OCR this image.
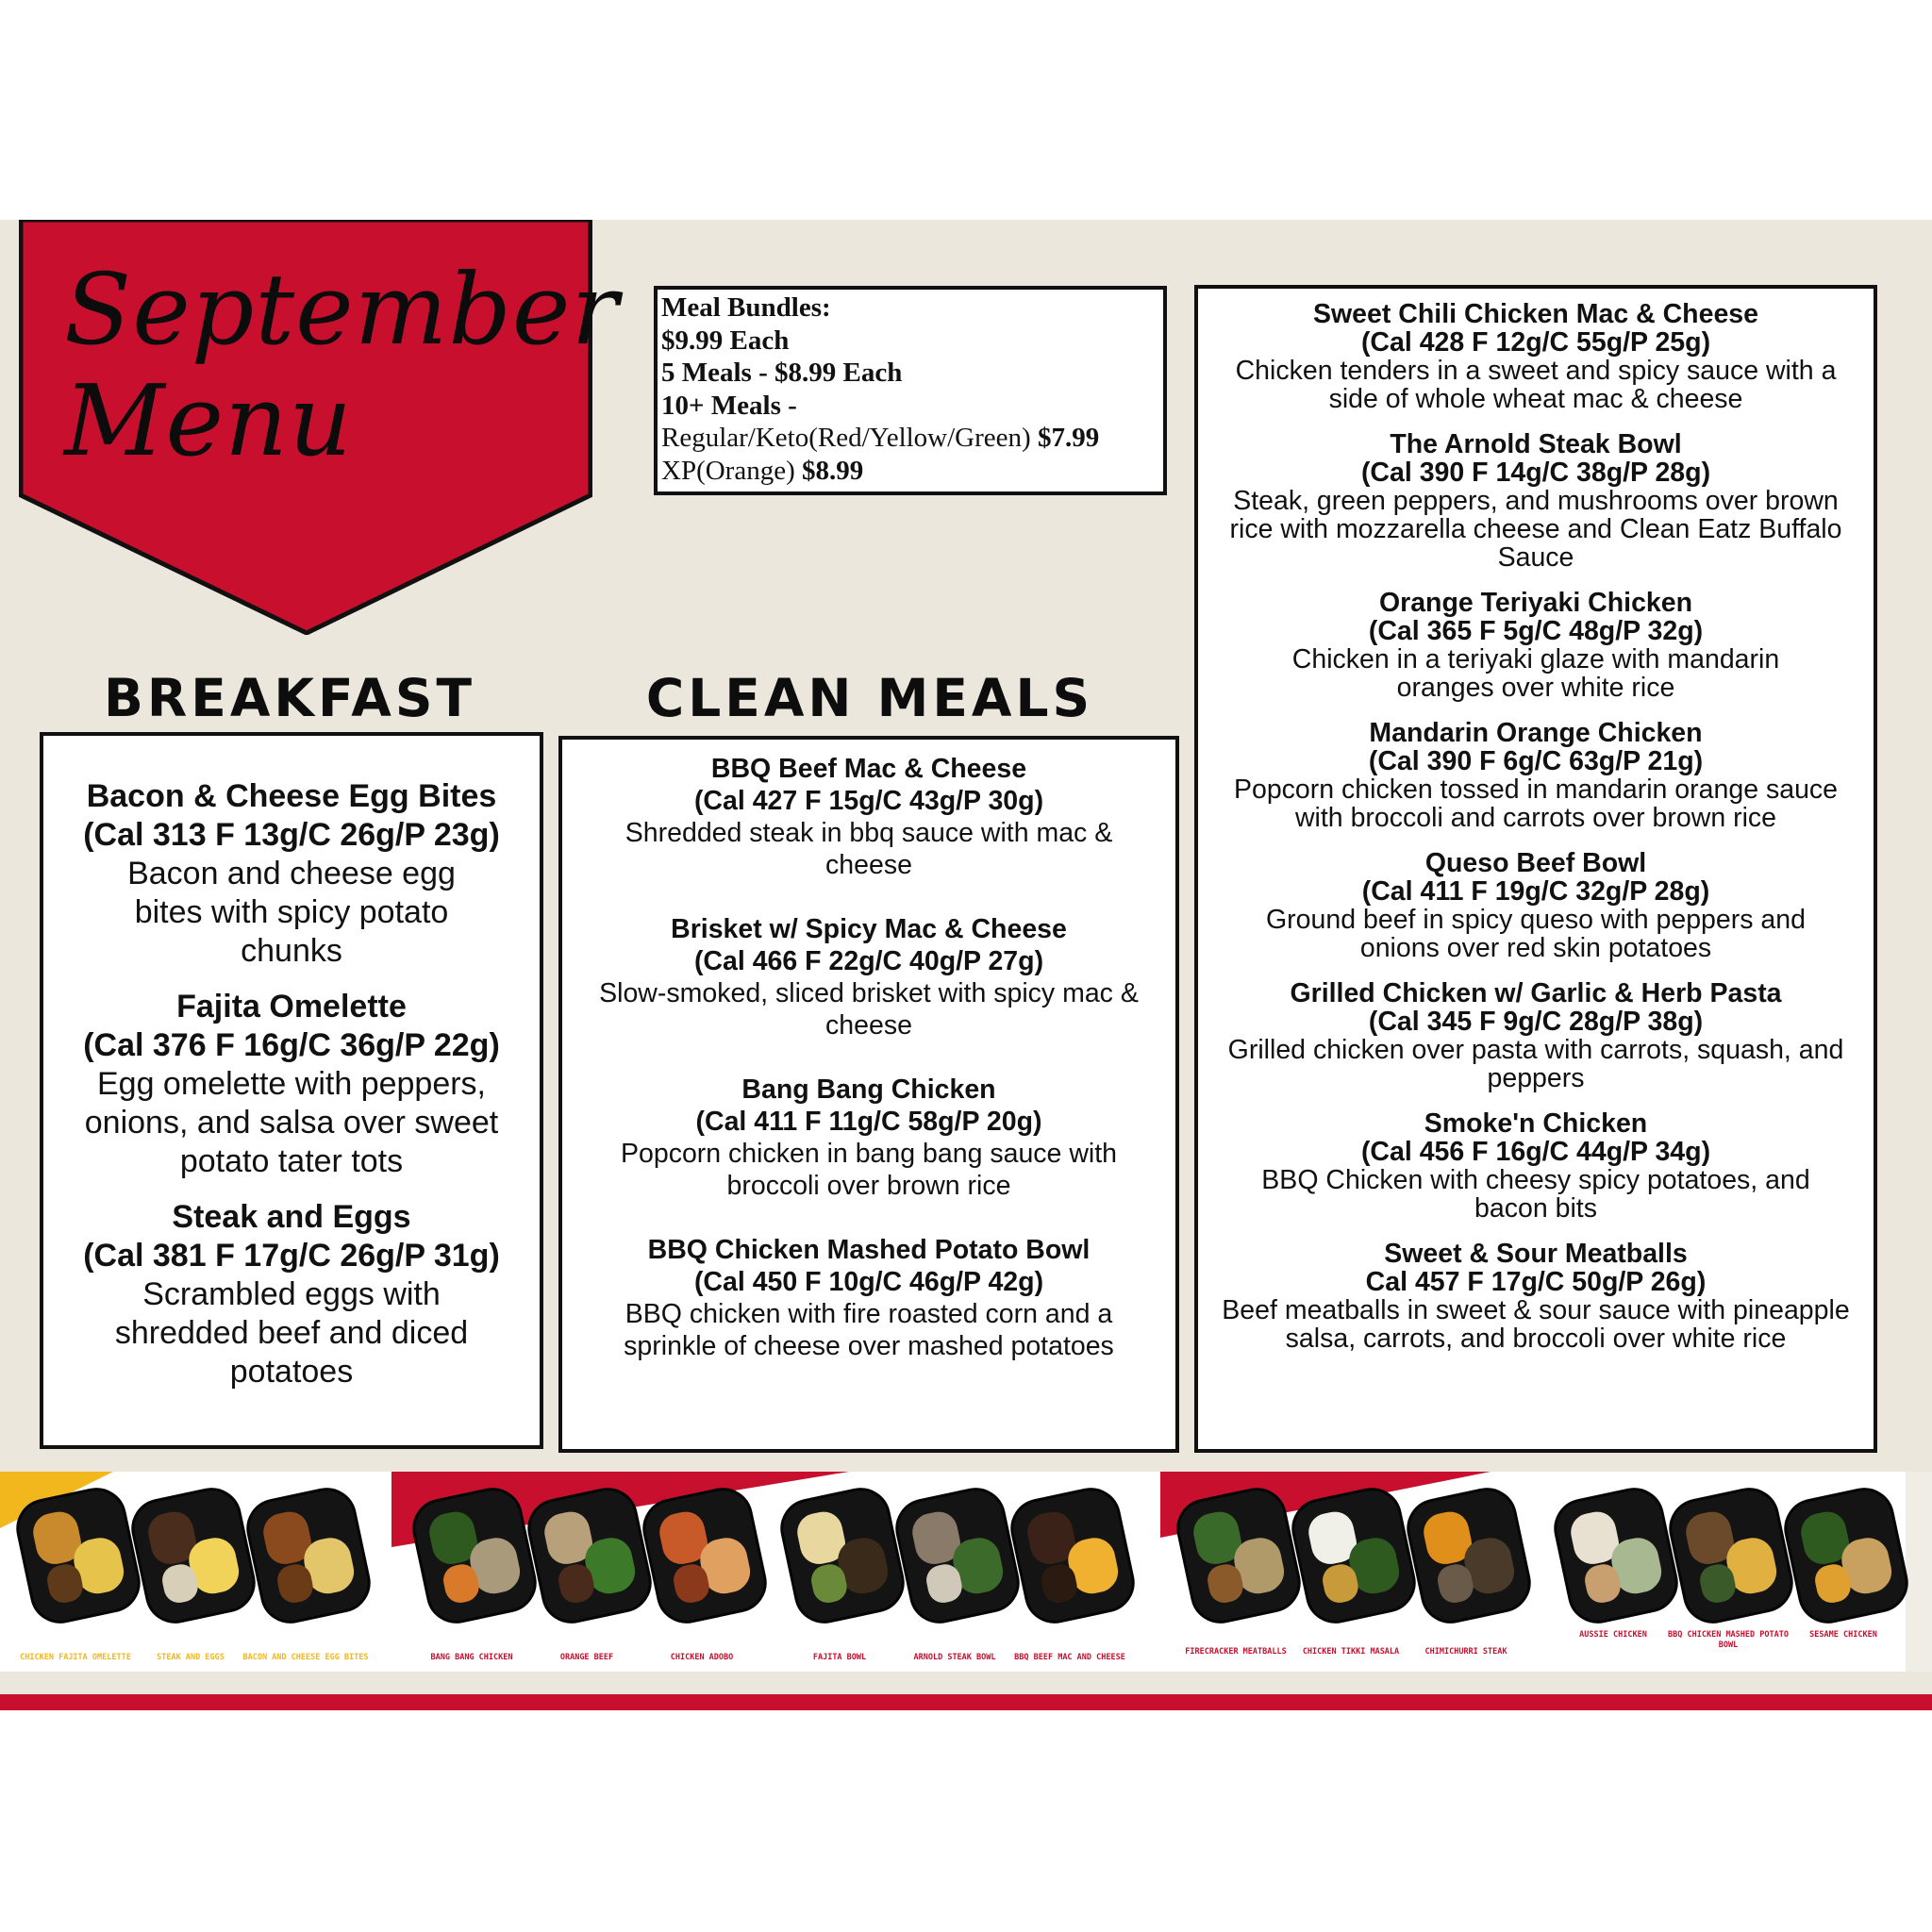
September
Menu
Meal Bundles:
$9.99 Each
5 Meals - $8.99 Each
10+ Meals -
Regular/Keto(Red/Yellow/Green) $7.99
XP(Orange) $8.99
BREAKFAST	CLEAN MEALS
Bacon & Cheese Egg Bites
(Cal 313 F 13g/C 26g/P 23g)
Bacon and cheese egg bites with spicy potato chunks
Fajita Omelette
(Cal 376 F 16g/C 36g/P 22g)
Egg omelette with peppers, onions, and salsa over sweet potato tater tots
Steak and Eggs
(Cal 381 F 17g/C 26g/P 31g)
Scrambled eggs with shredded beef and diced potatoes
BBQ Beef Mac & Cheese
(Cal 427 F 15g/C 43g/P 30g)
Shredded steak in bbq sauce with mac & cheese
Brisket w/ Spicy Mac & Cheese
(Cal 466 F 22g/C 40g/P 27g)
Slow-smoked, sliced brisket with spicy mac & cheese
Bang Bang Chicken
(Cal 411 F 11g/C 58g/P 20g)
Popcorn chicken in bang bang sauce with broccoli over brown rice
BBQ Chicken Mashed Potato Bowl
(Cal 450 F 10g/C 46g/P 42g)
BBQ chicken with fire roasted corn and a sprinkle of cheese over mashed potatoes
Sweet Chili Chicken Mac & Cheese
(Cal 428 F 12g/C 55g/P 25g)
Chicken tenders in a sweet and spicy sauce with a side of whole wheat mac & cheese
The Arnold Steak Bowl
(Cal 390 F 14g/C 38g/P 28g)
Steak, green peppers, and mushrooms over brown rice with mozzarella cheese and Clean Eatz Buffalo Sauce
Orange Teriyaki Chicken
(Cal 365 F 5g/C 48g/P 32g)
Chicken in a teriyaki glaze with mandarin oranges over white rice
Mandarin Orange Chicken
(Cal 390 F 6g/C 63g/P 21g)
Popcorn chicken tossed in mandarin orange sauce with broccoli and carrots over brown rice
Queso Beef Bowl
(Cal 411 F 19g/C 32g/P 28g)
Ground beef in spicy queso with peppers and onions over red skin potatoes
Grilled Chicken w/ Garlic & Herb Pasta
(Cal 345 F 9g/C 28g/P 38g)
Grilled chicken over pasta with carrots, squash, and peppers
Smoke'n Chicken
(Cal 456 F 16g/C 44g/P 34g)
BBQ Chicken with cheesy spicy potatoes, and bacon bits
Sweet & Sour Meatballs
Cal 457 F 17g/C 50g/P 26g)
Beef meatballs in sweet & sour sauce with pineapple salsa, carrots, and broccoli over white rice
CHICKEN FAJITA OMELETTE	STEAK AND EGGS	BACON AND CHEESE EGG BITES	BANG BANG CHICKEN	ORANGE BEEF	CHICKEN ADOBO	FAJITA BOWL	ARNOLD STEAK BOWL	BBQ BEEF MAC AND CHEESE
FIRECRACKER MEATBALLS	CHICKEN TIKKI MASALA	CHIMICHURRI STEAK
AUSSIE CHICKEN	BBQ CHICKEN MASHED POTATO BOWL
SESAME CHICKEN
